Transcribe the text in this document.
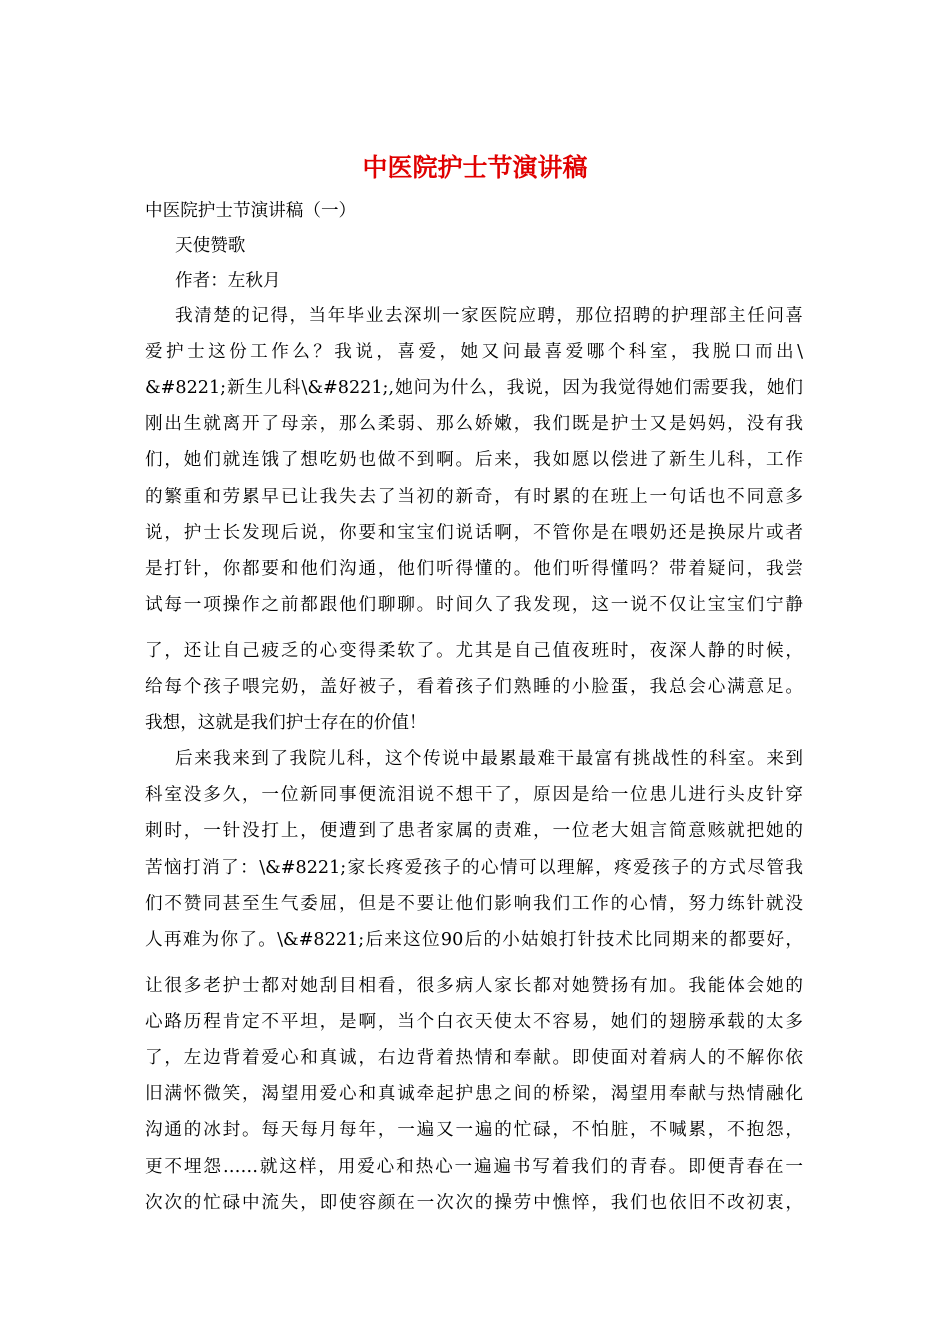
中医院护士节演讲稿
中医院护士节演讲稿（一）
天使赞歌
作者：左秋月
我清楚的记得，当年毕业去深圳一家医院应聘，那位招聘的护理部主任问喜
爱护士这份工作么？我说，喜爱，她又问最喜爱哪个科室，我脱口而出\
&#8221;新生儿科\&#8221;,她问为什么，我说，因为我觉得她们需要我，她们
刚出生就离开了母亲，那么柔弱、那么娇嫩，我们既是护士又是妈妈，没有我
们，她们就连饿了想吃奶也做不到啊。后来，我如愿以偿进了新生儿科，工作
的繁重和劳累早已让我失去了当初的新奇，有时累的在班上一句话也不同意多
说，护士长发现后说，你要和宝宝们说话啊，不管你是在喂奶还是换尿片或者
是打针，你都要和他们沟通，他们听得懂的。他们听得懂吗？带着疑问，我尝
试每一项操作之前都跟他们聊聊。时间久了我发现，这一说不仅让宝宝们宁静
了，还让自己疲乏的心变得柔软了。尤其是自己值夜班时，夜深人静的时候，
给每个孩子喂完奶，盖好被子，看着孩子们熟睡的小脸蛋，我总会心满意足。
我想，这就是我们护士存在的价值！
后来我来到了我院儿科，这个传说中最累最难干最富有挑战性的科室。来到
科室没多久，一位新同事便流泪说不想干了，原因是给一位患儿进行头皮针穿
刺时，一针没打上，便遭到了患者家属的责难，一位老大姐言简意赅就把她的
苦恼打消了：\&#8221;家长疼爱孩子的心情可以理解，疼爱孩子的方式尽管我
们不赞同甚至生气委屈，但是不要让他们影响我们工作的心情，努力练针就没
人再难为你了。\&#8221;后来这位90后的小姑娘打针技术比同期来的都要好，
让很多老护士都对她刮目相看，很多病人家长都对她赞扬有加。我能体会她的
心路历程肯定不平坦，是啊，当个白衣天使太不容易，她们的翅膀承载的太多
了，左边背着爱心和真诚，右边背着热情和奉献。即使面对着病人的不解你依
旧满怀微笑，渴望用爱心和真诚牵起护患之间的桥梁，渴望用奉献与热情融化
沟通的冰封。每天每月每年，一遍又一遍的忙碌，不怕脏，不喊累，不抱怨，
更不埋怨……就这样，用爱心和热心一遍遍书写着我们的青春。即便青春在一
次次的忙碌中流失，即使容颜在一次次的操劳中憔悴，我们也依旧不改初衷，
